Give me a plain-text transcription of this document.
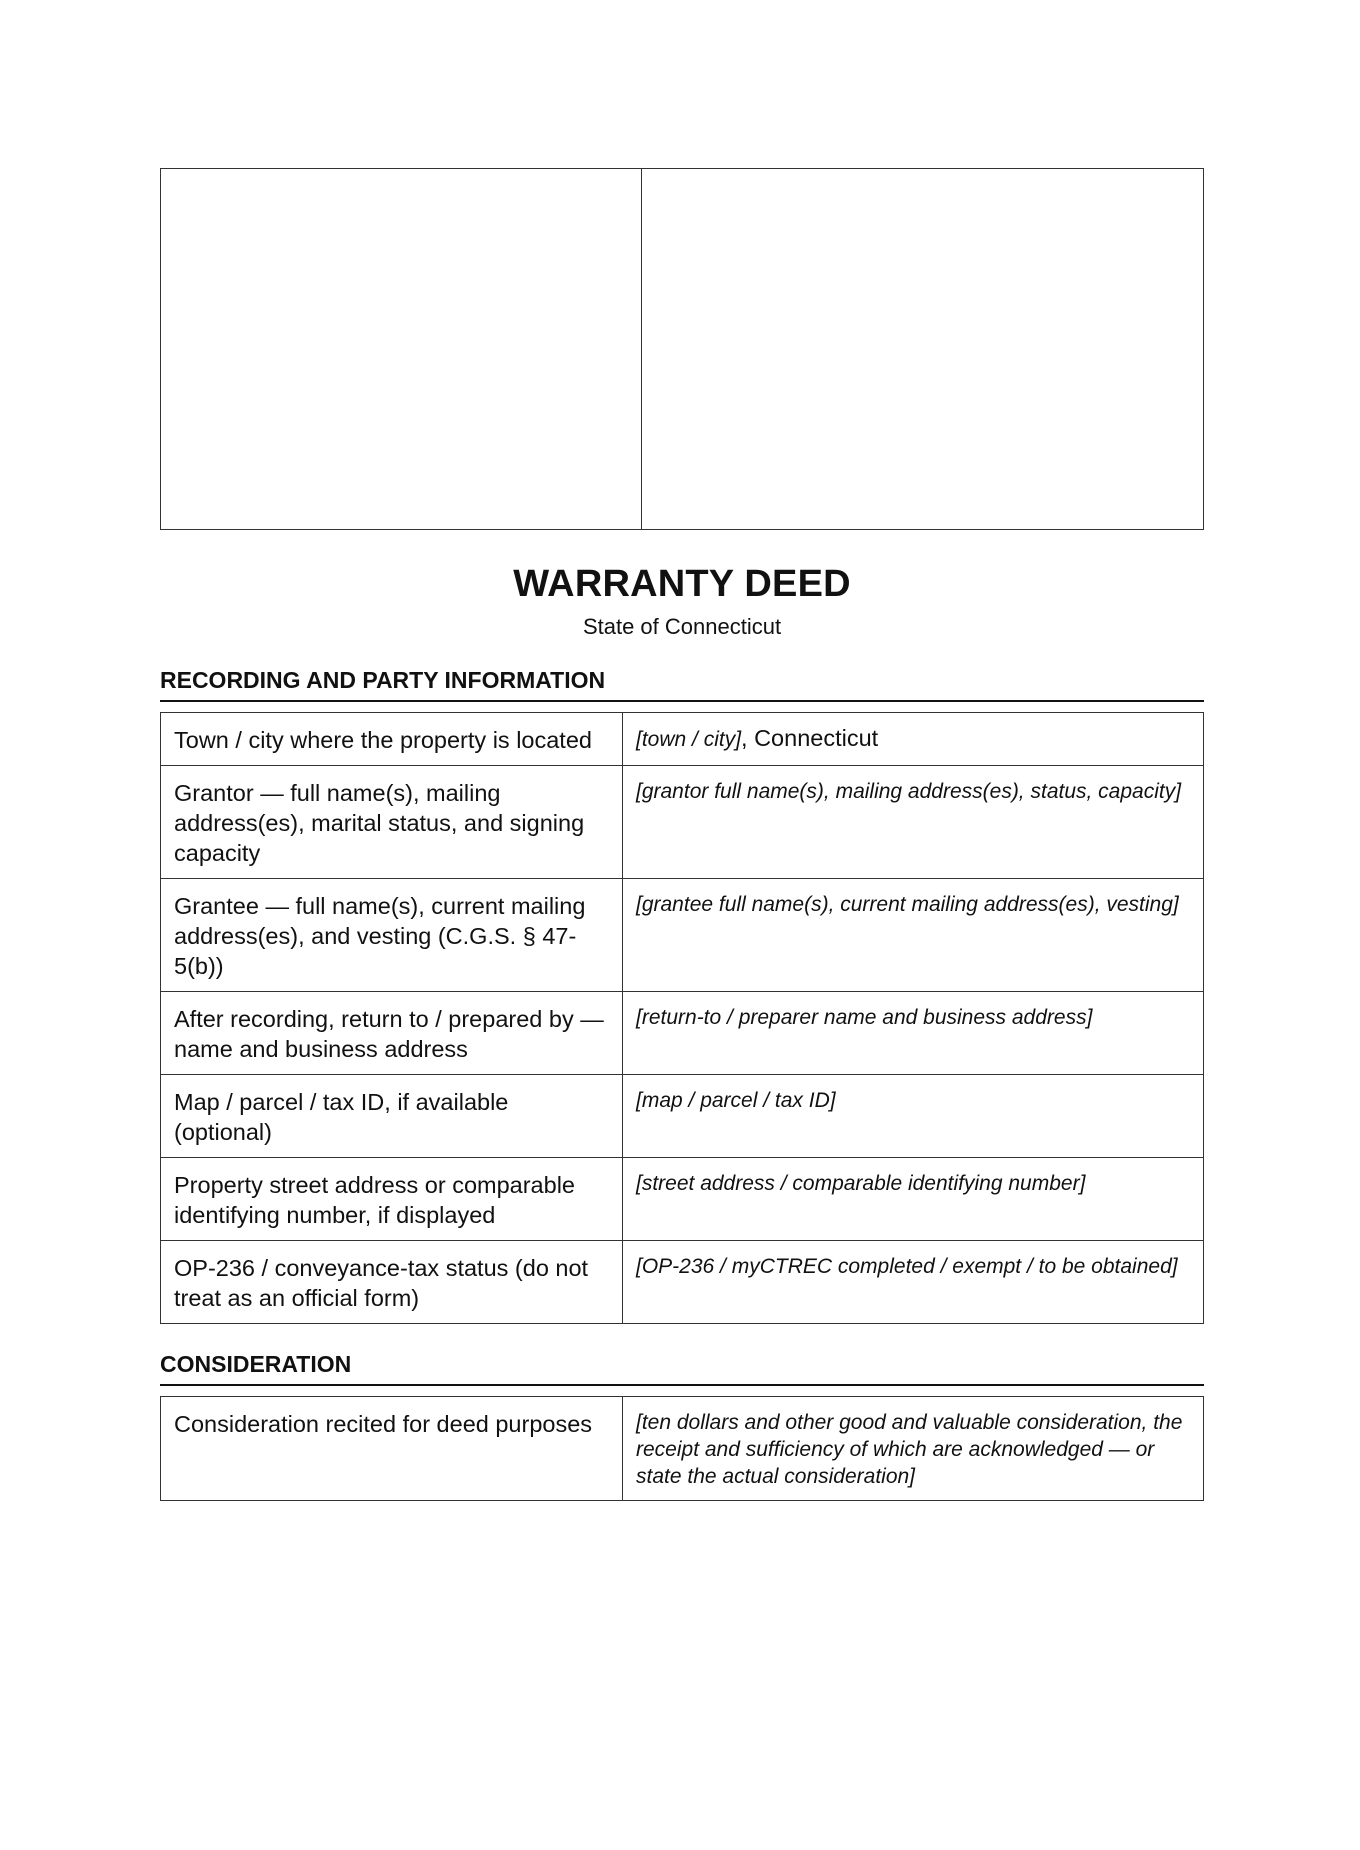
WARRANTY DEED
State of Connecticut
RECORDING AND PARTY INFORMATION
Town / city where the property is located	[town / city], Connecticut
Grantor — full name(s), mailing address(es), marital status, and signing capacity	[grantor full name(s), mailing address(es), status, capacity]
Grantee — full name(s), current mailing address(es), and vesting (C.G.S. § 47-5(b))	[grantee full name(s), current mailing address(es), vesting]
After recording, return to / prepared by — name and business address	[return-to / preparer name and business address]
Map / parcel / tax ID, if available (optional)	[map / parcel / tax ID]
Property street address or comparable identifying number, if displayed	[street address / comparable identifying number]
OP-236 / conveyance-tax status (do not treat as an official form)	[OP-236 / myCTREC completed / exempt / to be obtained]
CONSIDERATION
Consideration recited for deed purposes	[ten dollars and other good and valuable consideration, the receipt and sufficiency of which are acknowledged — or state the actual consideration]
